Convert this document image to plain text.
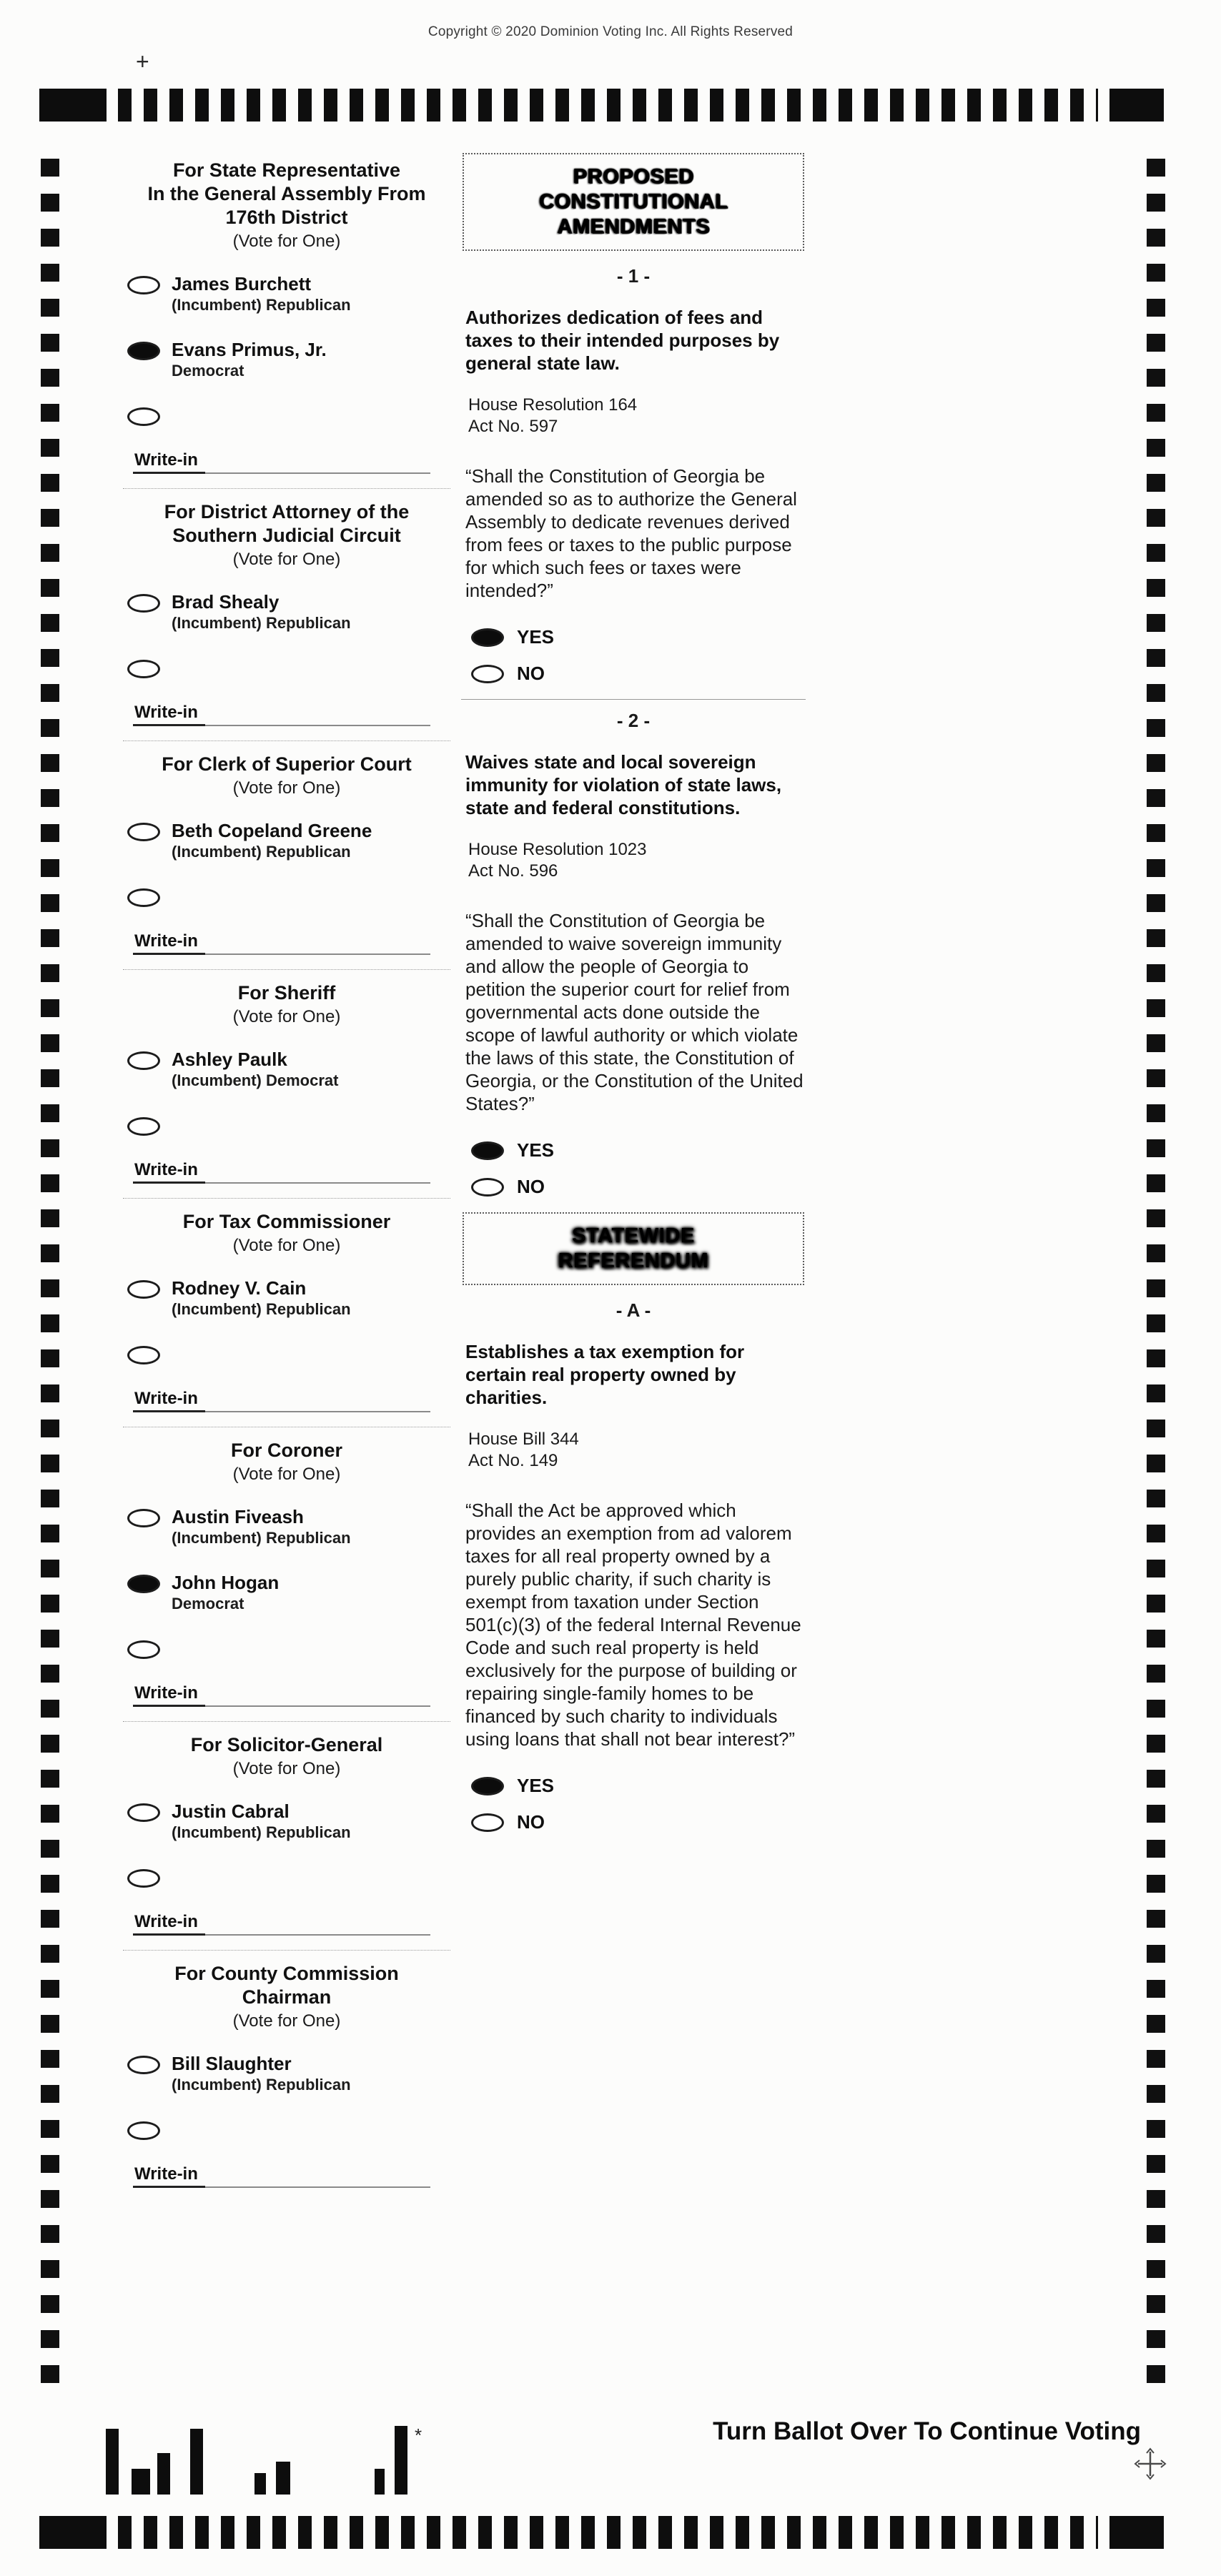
Copyright © 2020 Dominion Voting Inc. All Rights Reserved
+
For State Representative
In the General Assembly From
176th District
(Vote for One)
James Burchett
(Incumbent) Republican
Evans Primus, Jr.
Democrat
Write-in
For District Attorney of the
Southern Judicial Circuit
(Vote for One)
Brad Shealy
(Incumbent) Republican
Write-in
For Clerk of Superior Court
(Vote for One)
Beth Copeland Greene
(Incumbent) Republican
Write-in
For Sheriff
(Vote for One)
Ashley Paulk
(Incumbent) Democrat
Write-in
For Tax Commissioner
(Vote for One)
Rodney V. Cain
(Incumbent) Republican
Write-in
For Coroner
(Vote for One)
Austin Fiveash
(Incumbent) Republican
John Hogan
Democrat
Write-in
For Solicitor-General
(Vote for One)
Justin Cabral
(Incumbent) Republican
Write-in
For County Commission
Chairman
(Vote for One)
Bill Slaughter
(Incumbent) Republican
Write-in
PROPOSED
CONSTITUTIONAL
AMENDMENTS
- 1 -

Authorizes dedication of fees and taxes to their intended purposes by general state law.

House Resolution 164
Act No. 597

“Shall the Constitution of Georgia be amended so as to authorize the General Assembly to dedicate revenues derived from fees or taxes to the public purpose for which such fees or taxes were intended?”

YES
NO
- 2 -

Waives state and local sovereign immunity for violation of state laws, state and federal constitutions.

House Resolution 1023
Act No. 596

“Shall the Constitution of Georgia be amended to waive sovereign immunity and allow the people of Georgia to petition the superior court for relief from governmental acts done outside the scope of lawful authority or which violate the laws of this state, the Constitution of Georgia, or the Constitution of the United States?”

YES
NO
STATEWIDE
REFERENDUM
- A -

Establishes a tax exemption for certain real property owned by charities.

House Bill 344
Act No. 149

“Shall the Act be approved which provides an exemption from ad valorem taxes for all real property owned by a purely public charity, if such charity is exempt from taxation under Section 501(c)(3) of the federal Internal Revenue Code and such real property is held exclusively for the purpose of building or repairing single-family homes to be financed by such charity to individuals using loans that shall not bear interest?”

YES
NO
*	Turn Ballot Over To Continue Voting
